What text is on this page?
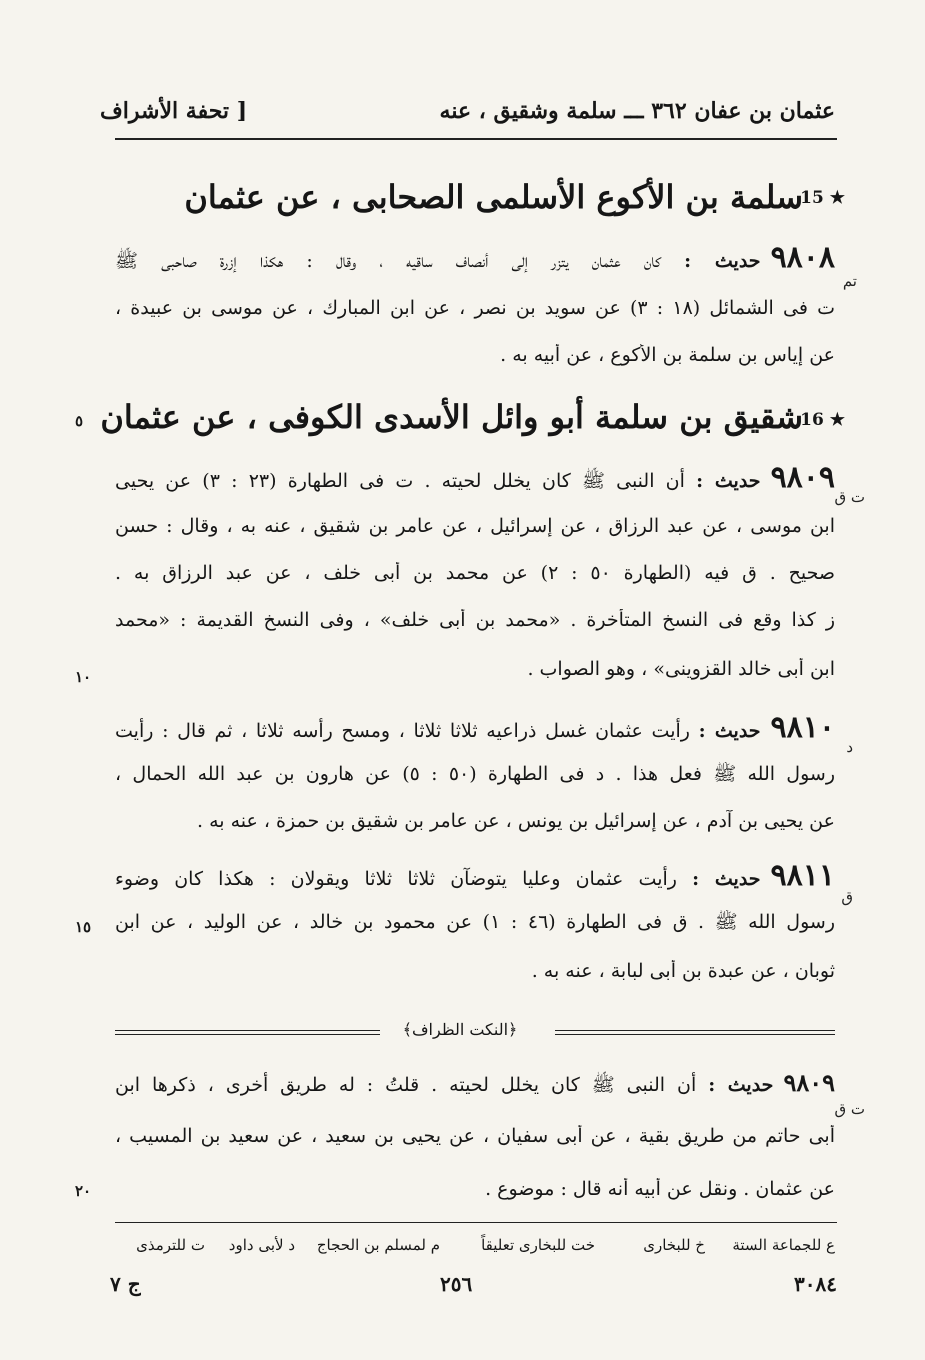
عثمان بن عفان ٣٦٢ ـــ سلمة وشقيق ، عنه
[ تحفة الأشراف
15 ★
سلمة بن الأكوع الأسلمى الصحابى ، عن عثمان
٩٨٠٨حديث : كان عثمان يتزر إلى أنصاف ساقيه ، وقال : هكذا إزرة صاحبى ﷺ
تم
ت فى الشمائل (١٨ : ٣) عن سويد بن نصر ، عن ابن المبارك ، عن موسى بن عبيدة ،
عن إياس بن سلمة بن الأكوع ، عن أبيه به .
16 ★
شقيق بن سلمة أبو وائل الأسدى الكوفى ، عن عثمان
٥
٩٨٠٩حديث : أن النبى ﷺ كان يخلل لحيته . ت فى الطهارة (٢٣ : ٣) عن يحيى
ت ق
ابن موسى ، عن عبد الرزاق ، عن إسرائيل ، عن عامر بن شقيق ، عنه به ، وقال : حسن
صحيح . ق فيه (الطهارة ٥٠ : ٢) عن محمد بن أبى خلف ، عن عبد الرزاق به .
ز كذا وقع فى النسخ المتأخرة . «محمد بن أبى خلف» ، وفى النسخ القديمة : «محمد
ابن أبى خالد القزوينى» ، وهو الصواب .
١٠
٩٨١٠حديث : رأيت عثمان غسل ذراعيه ثلاثا ثلاثا ، ومسح رأسه ثلاثا ، ثم قال : رأيت
د
رسول الله ﷺ فعل هذا . د فى الطهارة (٥٠ : ٥) عن هارون بن عبد الله الحمال ،
عن يحيى بن آدم ، عن إسرائيل بن يونس ، عن عامر بن شقيق بن حمزة ، عنه به .
٩٨١١حديث : رأيت عثمان وعليا يتوضآن ثلاثا ثلاثا ويقولان : هكذا كان وضوء
ق
رسول الله ﷺ . ق فى الطهارة (٤٦ : ١) عن محمود بن خالد ، عن الوليد ، عن ابن
١٥
ثوبان ، عن عبدة بن أبى لبابة ، عنه به .
﴿النكت الظراف﴾
٩٨٠٩حديث : أن النبى ﷺ كان يخلل لحيته . قلتُ : له طريق أخرى ، ذكرها ابن
ت ق
أبى حاتم من طريق بقية ، عن أبى سفيان ، عن يحيى بن سعيد ، عن سعيد بن المسيب ،
عن عثمان . ونقل عن أبيه أنه قال : موضوع .
٢٠
ع للجماعة الستة
خ للبخارى
خت للبخارى تعليقاً
م لمسلم بن الحجاج
د لأبى داود
ت للترمذى
٣٠٨٤
٢٥٦
ج ٧
